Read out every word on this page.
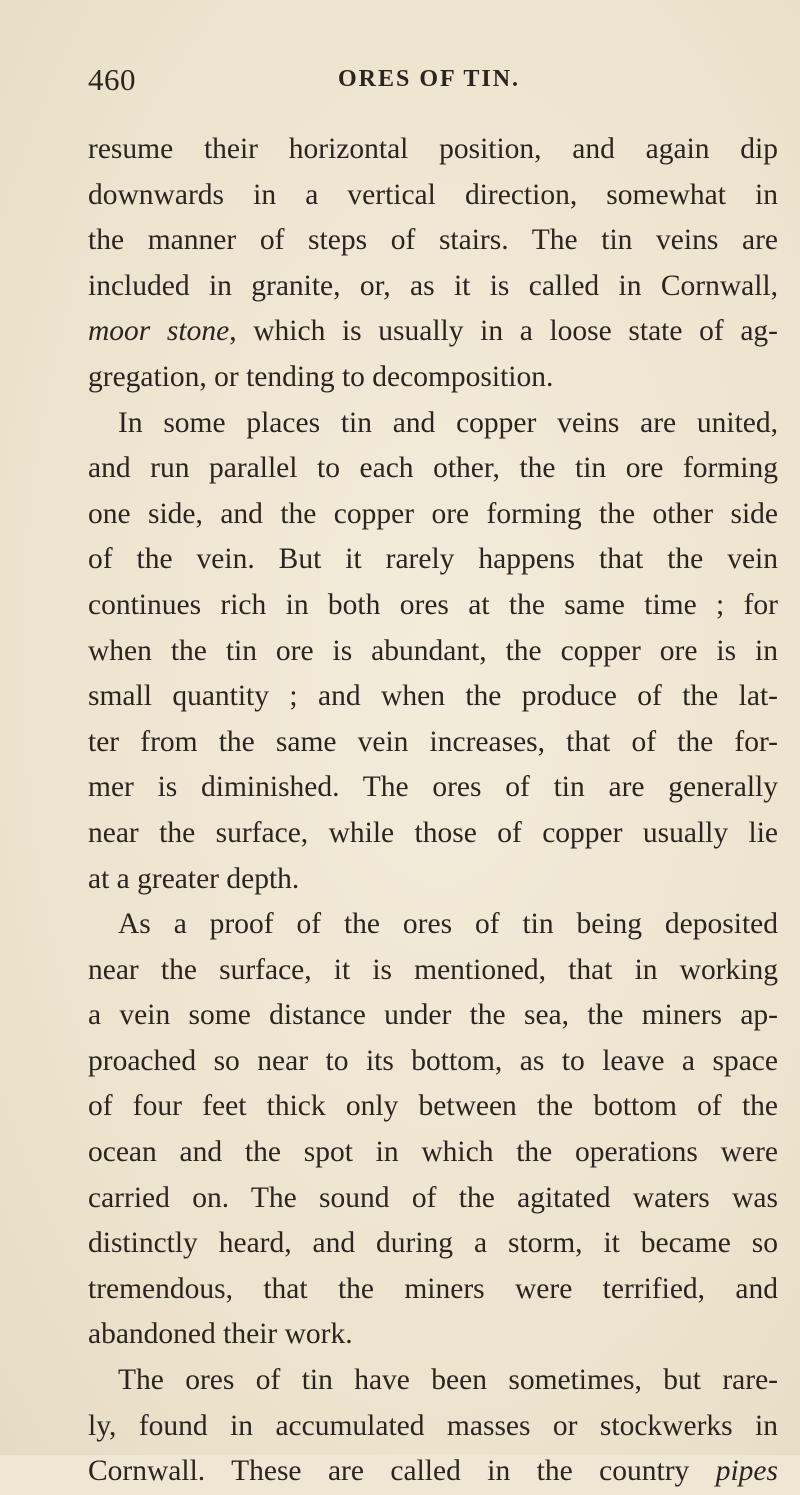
460	ORES OF TIN.
resume their horizontal position, and again dip
downwards in a vertical direction, somewhat in
the manner of steps of stairs. The tin veins are
included in granite, or, as it is called in Cornwall,
moor stone, which is usually in a loose state of ag-
gregation, or tending to decomposition.
In some places tin and copper veins are united,
and run parallel to each other, the tin ore forming
one side, and the copper ore forming the other side
of the vein. But it rarely happens that the vein
continues rich in both ores at the same time ; for
when the tin ore is abundant, the copper ore is in
small quantity ; and when the produce of the lat-
ter from the same vein increases, that of the for-
mer is diminished. The ores of tin are generally
near the surface, while those of copper usually lie
at a greater depth.
As a proof of the ores of tin being deposited
near the surface, it is mentioned, that in working
a vein some distance under the sea, the miners ap-
proached so near to its bottom, as to leave a space
of four feet thick only between the bottom of the
ocean and the spot in which the operations were
carried on. The sound of the agitated waters was
distinctly heard, and during a storm, it became so
tremendous, that the miners were terrified, and
abandoned their work.
The ores of tin have been sometimes, but rare-
ly, found in accumulated masses or stockwerks in
Cornwall. These are called in the country pipes
